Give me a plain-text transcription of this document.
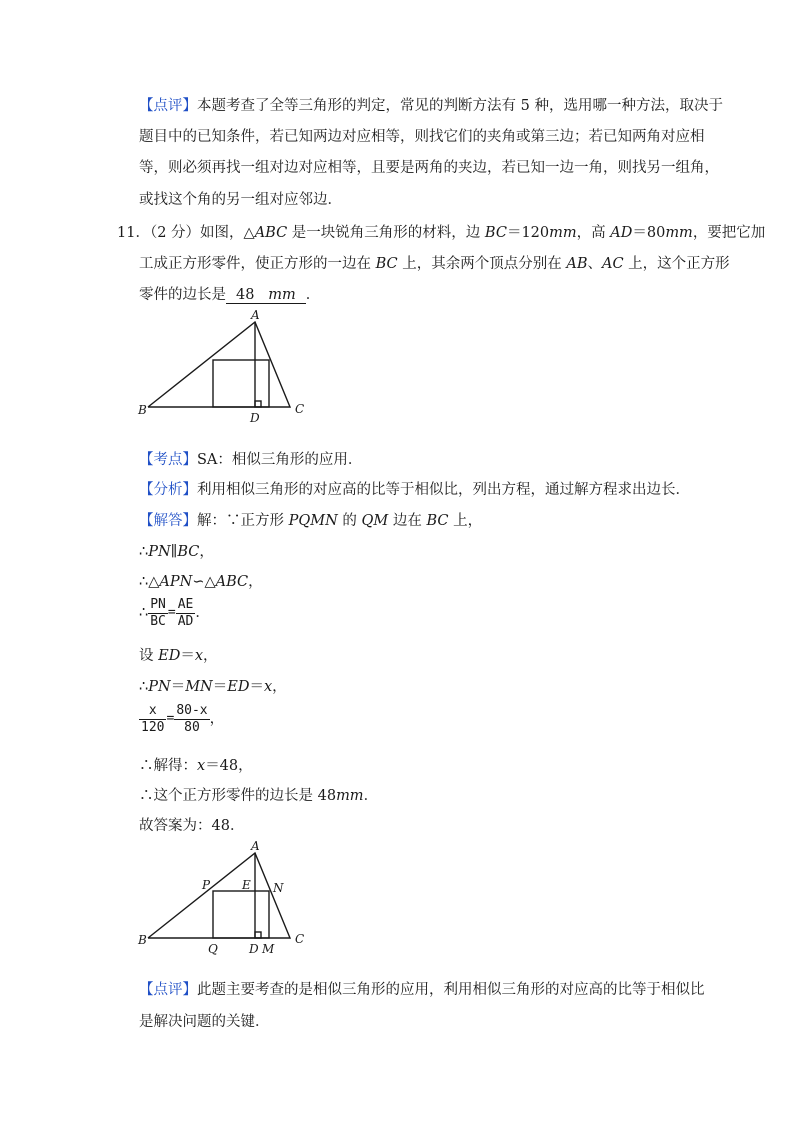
【点评】本题考查了全等三角形的判定，常见的判断方法有 5 种，选用哪一种方法，取决于
题目中的已知条件，若已知两边对应相等，则找它们的夹角或第三边；若已知两角对应相
等，则必须再找一组对边对应相等，且要是两角的夹边，若已知一边一角，则找另一组角，
或找这个角的另一组对应邻边．
11．（2 分）如图，△ABC 是一块锐角三角形的材料，边 BC＝120mm，高 AD＝80mm，要把它加
工成正方形零件，使正方形的一边在 BC 上，其余两个顶点分别在 AB、AC 上，这个正方形
零件的边长是 48 mm ．
A
B	C
D
【考点】SA：相似三角形的应用．
【分析】利用相似三角形的对应高的比等于相似比，列出方程，通过解方程求出边长．
【解答】解：∵正方形 PQMN 的 QM 边在 BC 上，
∴PN∥BC，
∴△APN∽△ABC，
∴ $\frac{PN}{BC} = \frac{AE}{AD}$ ．
设 ED＝x，
∴PN＝MN＝ED＝x，
$\frac{x}{120} = \frac{80-x}{80}$ ，
∴解得：x＝48，
∴这个正方形零件的边长是 48mm．
故答案为：48．
A
B	C
P	E N
Q	D M
【点评】此题主要考查的是相似三角形的应用，利用相似三角形的对应高的比等于相似比
是解决问题的关键．
